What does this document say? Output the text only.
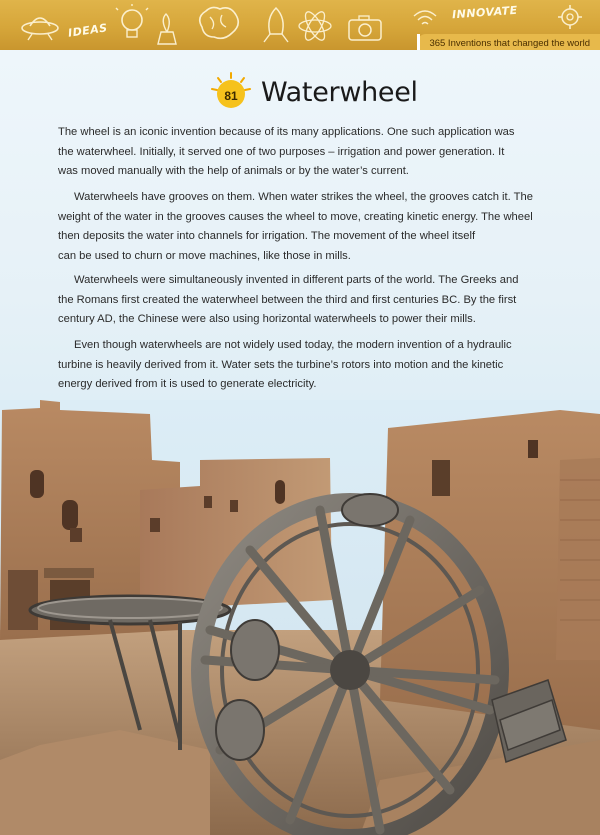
IDEAS
INNOVATE
365 Inventions that changed the world
81 Waterwheel

The wheel is an iconic invention because of its many applications. One such application was
the waterwheel. Initially, it served one of two purposes – irrigation and power generation. It
was moved manually with the help of animals or by the water’s current.

Waterwheels have grooves on them. When water strikes the wheel, the grooves catch it. The
weight of the water in the grooves causes the wheel to move, creating kinetic energy. The wheel
then deposits the water into channels for irrigation. The movement of the wheel itself
can be used to churn or move machines, like those in mills.

Waterwheels were simultaneously invented in different parts of the world. The Greeks and
the Romans first created the waterwheel between the third and first centuries BC. By the first
century AD, the Chinese were also using horizontal waterwheels to power their mills.

Even though waterwheels are not widely used today, the modern invention of a hydraulic
turbine is heavily derived from it. Water sets the turbine’s rotors into motion and the kinetic
energy derived from it is used to generate electricity.
